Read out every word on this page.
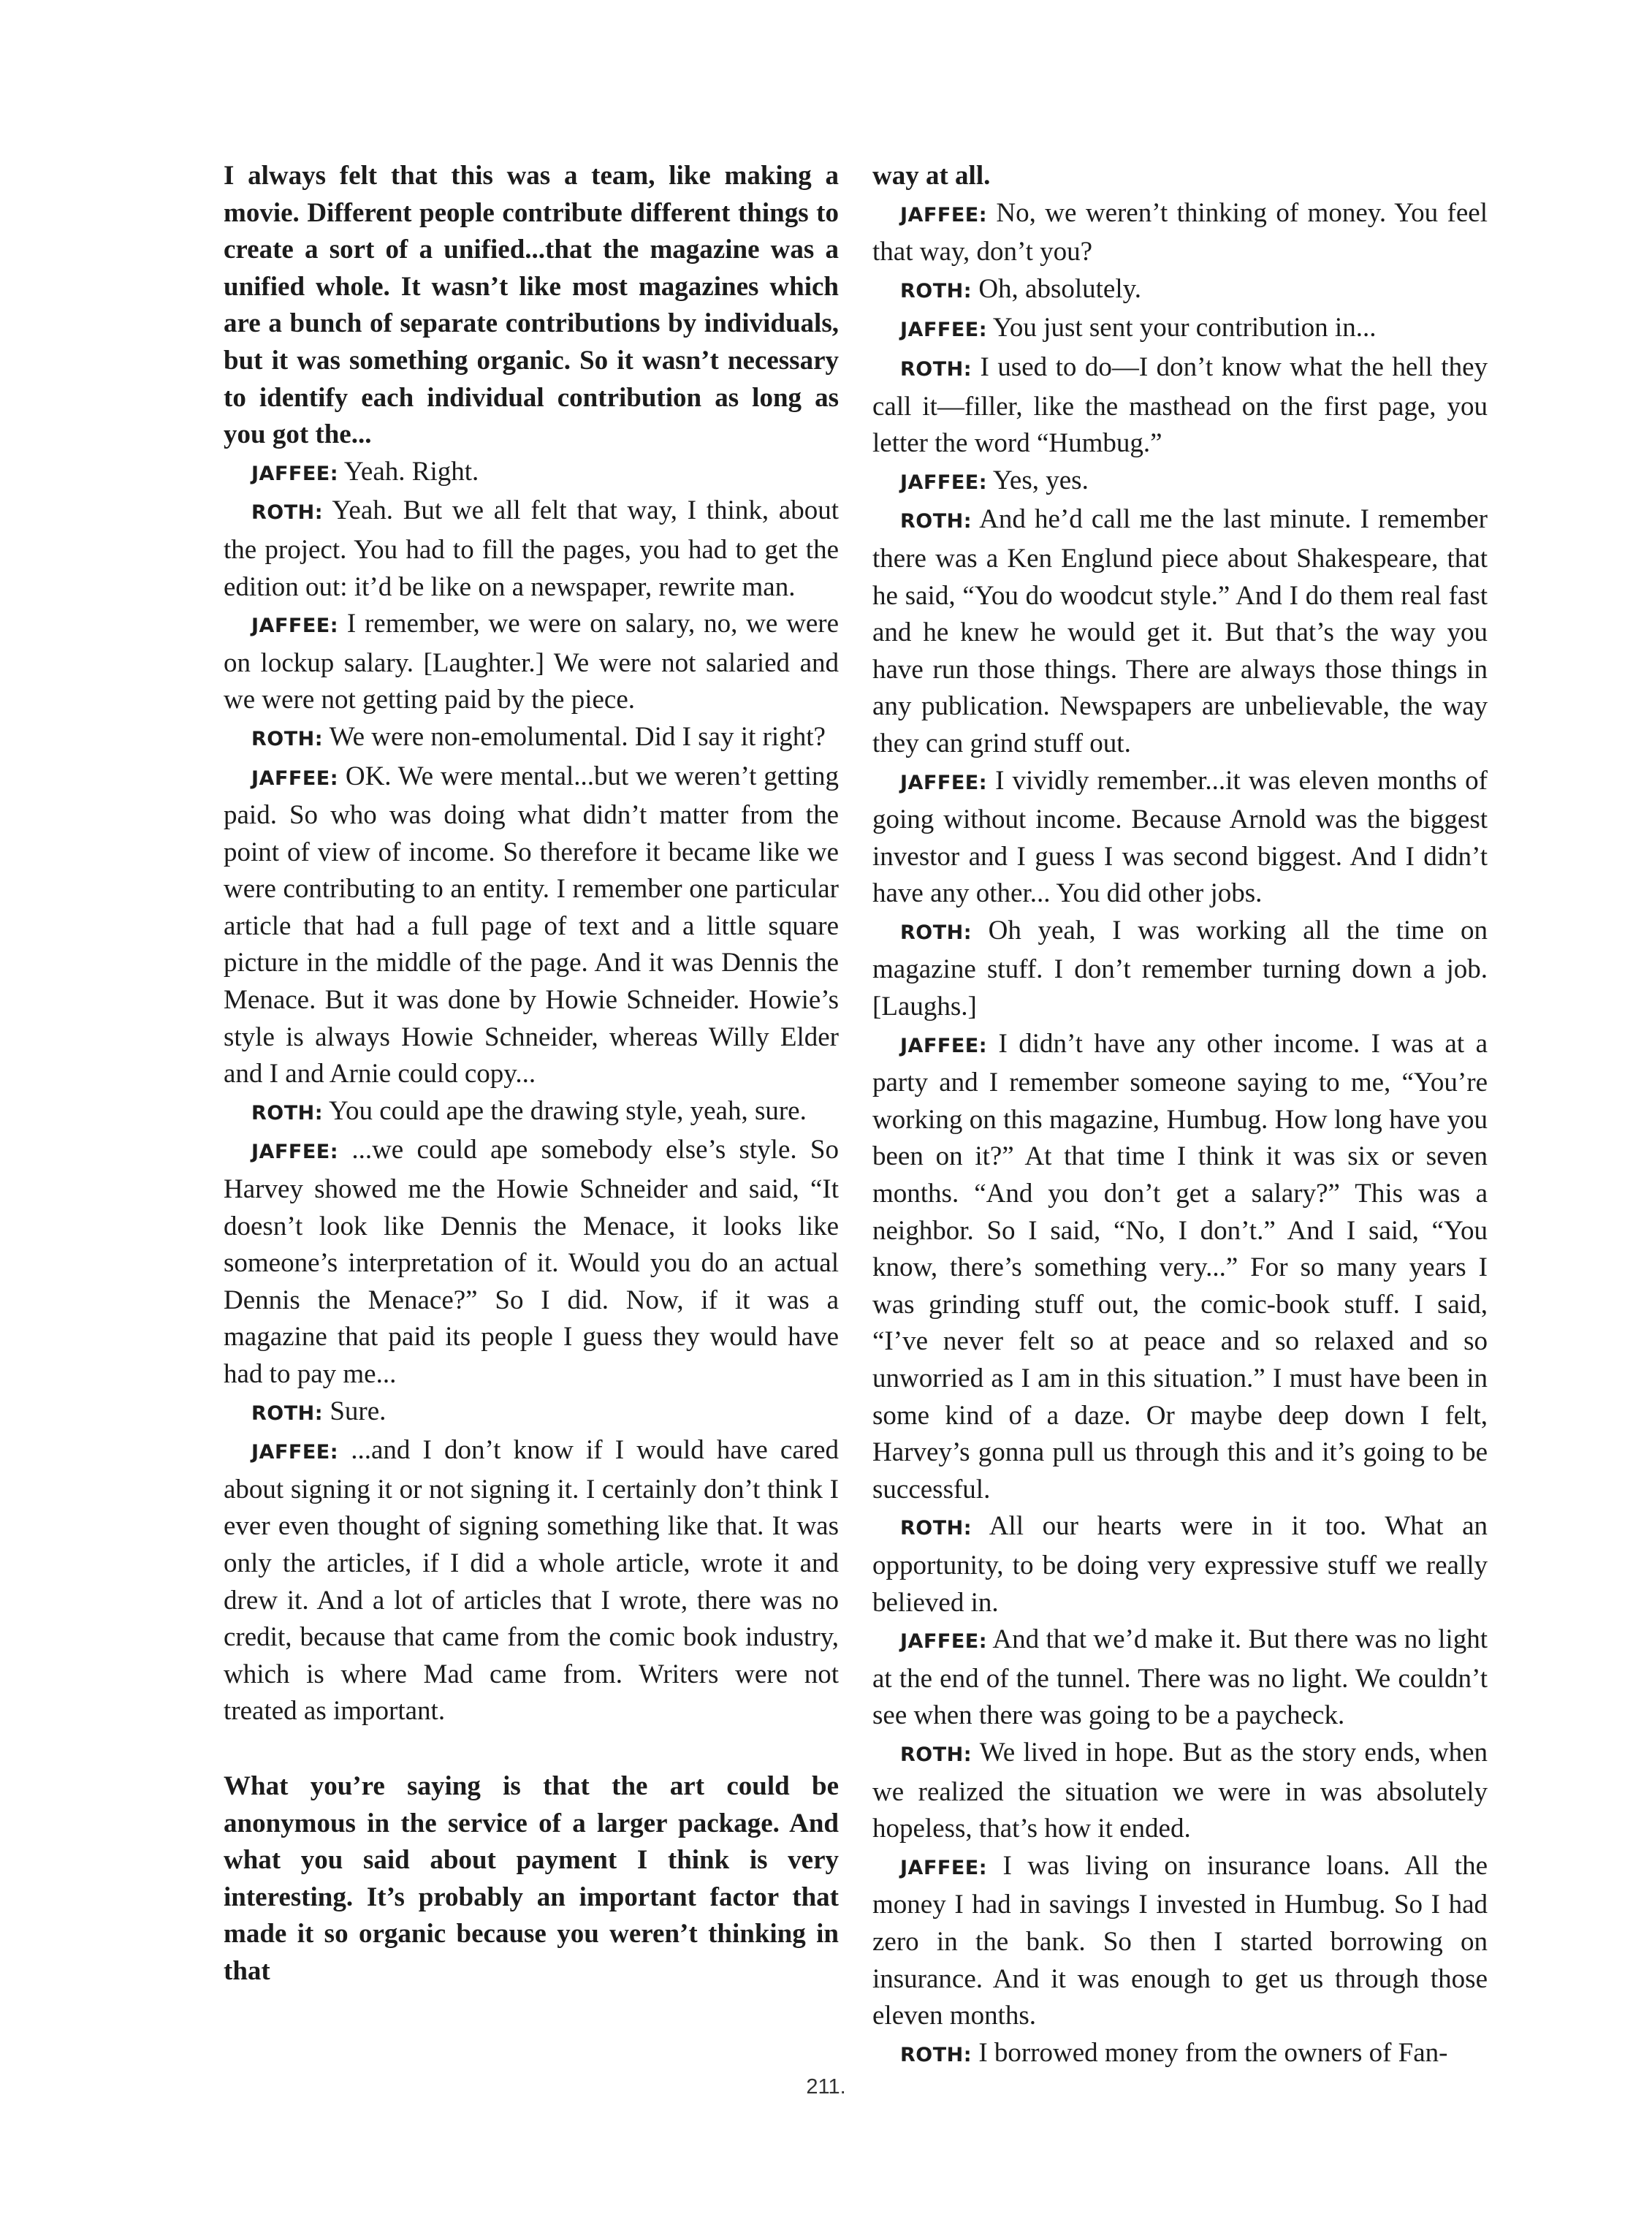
I always felt that this was a team, like making a movie. Different people contribute different things to create a sort of a unified...that the magazine was a unified whole. It wasn’t like most magazines which are a bunch of separate contributions by individuals, but it was something organic. So it wasn’t necessary to identify each individual contribution as long as you got the...

JAFFEE: Yeah. Right.

ROTH: Yeah. But we all felt that way, I think, about the project. You had to fill the pages, you had to get the edition out: it’d be like on a newspaper, rewrite man.

JAFFEE: I remember, we were on salary, no, we were on lockup salary. [Laughter.] We were not salaried and we were not getting paid by the piece.

ROTH: We were non-emolumental. Did I say it right?

JAFFEE: OK. We were mental...but we weren’t getting paid. So who was doing what didn’t matter from the point of view of income. So therefore it became like we were contributing to an entity. I remember one particular article that had a full page of text and a little square picture in the middle of the page. And it was Dennis the Menace. But it was done by Howie Schneider. Howie’s style is always Howie Schneider, whereas Willy Elder and I and Arnie could copy...

ROTH: You could ape the drawing style, yeah, sure.

JAFFEE: ...we could ape somebody else’s style. So Harvey showed me the Howie Schneider and said, “It doesn’t look like Dennis the Menace, it looks like someone’s interpretation of it. Would you do an actual Dennis the Menace?” So I did. Now, if it was a magazine that paid its people I guess they would have had to pay me...

ROTH: Sure.

JAFFEE: ...and I don’t know if I would have cared about signing it or not signing it. I certainly don’t think I ever even thought of signing something like that. It was only the articles, if I did a whole article, wrote it and drew it. And a lot of articles that I wrote, there was no credit, because that came from the comic book industry, which is where Mad came from. Writers were not treated as important.

What you’re saying is that the art could be anonymous in the service of a larger package. And what you said about payment I think is very interesting. It’s probably an important factor that made it so organic because you weren’t thinking in that

way at all.

JAFFEE: No, we weren’t thinking of money. You feel that way, don’t you?

ROTH: Oh, absolutely.

JAFFEE: You just sent your contribution in...

ROTH: I used to do—I don’t know what the hell they call it—filler, like the masthead on the first page, you letter the word “Humbug.”

JAFFEE: Yes, yes.

ROTH: And he’d call me the last minute. I remember there was a Ken Englund piece about Shakespeare, that he said, “You do woodcut style.” And I do them real fast and he knew he would get it. But that’s the way you have run those things. There are always those things in any publication. Newspapers are unbelievable, the way they can grind stuff out.

JAFFEE: I vividly remember...it was eleven months of going without income. Because Arnold was the biggest investor and I guess I was second biggest. And I didn’t have any other... You did other jobs.

ROTH: Oh yeah, I was working all the time on magazine stuff. I don’t remember turning down a job. [Laughs.]

JAFFEE: I didn’t have any other income. I was at a party and I remember someone saying to me, “You’re working on this magazine, Humbug. How long have you been on it?” At that time I think it was six or seven months. “And you don’t get a salary?” This was a neighbor. So I said, “No, I don’t.” And I said, “You know, there’s something very...” For so many years I was grinding stuff out, the comic-book stuff. I said, “I’ve never felt so at peace and so relaxed and so unworried as I am in this situation.” I must have been in some kind of a daze. Or maybe deep down I felt, Harvey’s gonna pull us through this and it’s going to be successful.

ROTH: All our hearts were in it too. What an opportunity, to be doing very expressive stuff we really believed in.

JAFFEE: And that we’d make it. But there was no light at the end of the tunnel. There was no light. We couldn’t see when there was going to be a paycheck.

ROTH: We lived in hope. But as the story ends, when we realized the situation we were in was absolutely hopeless, that’s how it ended.

JAFFEE: I was living on insurance loans. All the money I had in savings I invested in Humbug. So I had zero in the bank. So then I started borrowing on insurance. And it was enough to get us through those eleven months.

ROTH: I borrowed money from the owners of Fan-

211.
